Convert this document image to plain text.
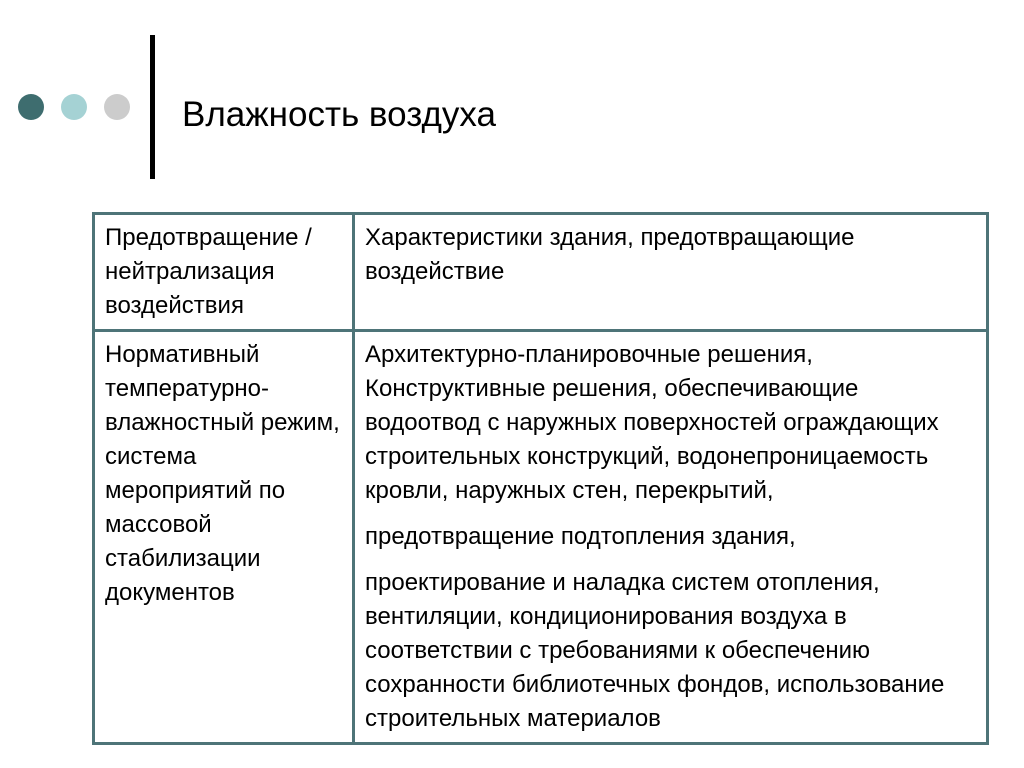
Влажность воздуха
Предотвращение /нейтрализация воздействия	Характеристики здания, предотвращающие воздействие
Нормативный температурно-влажностный режим, система мероприятий по массовой стабилизации документов	Архитектурно-планировочные решения, Конструктивные решения, обеспечивающие водоотвод с наружных поверхностей ограждающих строительных конструкций, водонепроницаемость кровли, наружных стен, перекрытий,

предотвращение подтопления здания,

проектирование и наладка систем отопления, вентиляции, кондиционирования воздуха в соответствии с требованиями к обеспечению сохранности библиотечных фондов, использование строительных материалов
